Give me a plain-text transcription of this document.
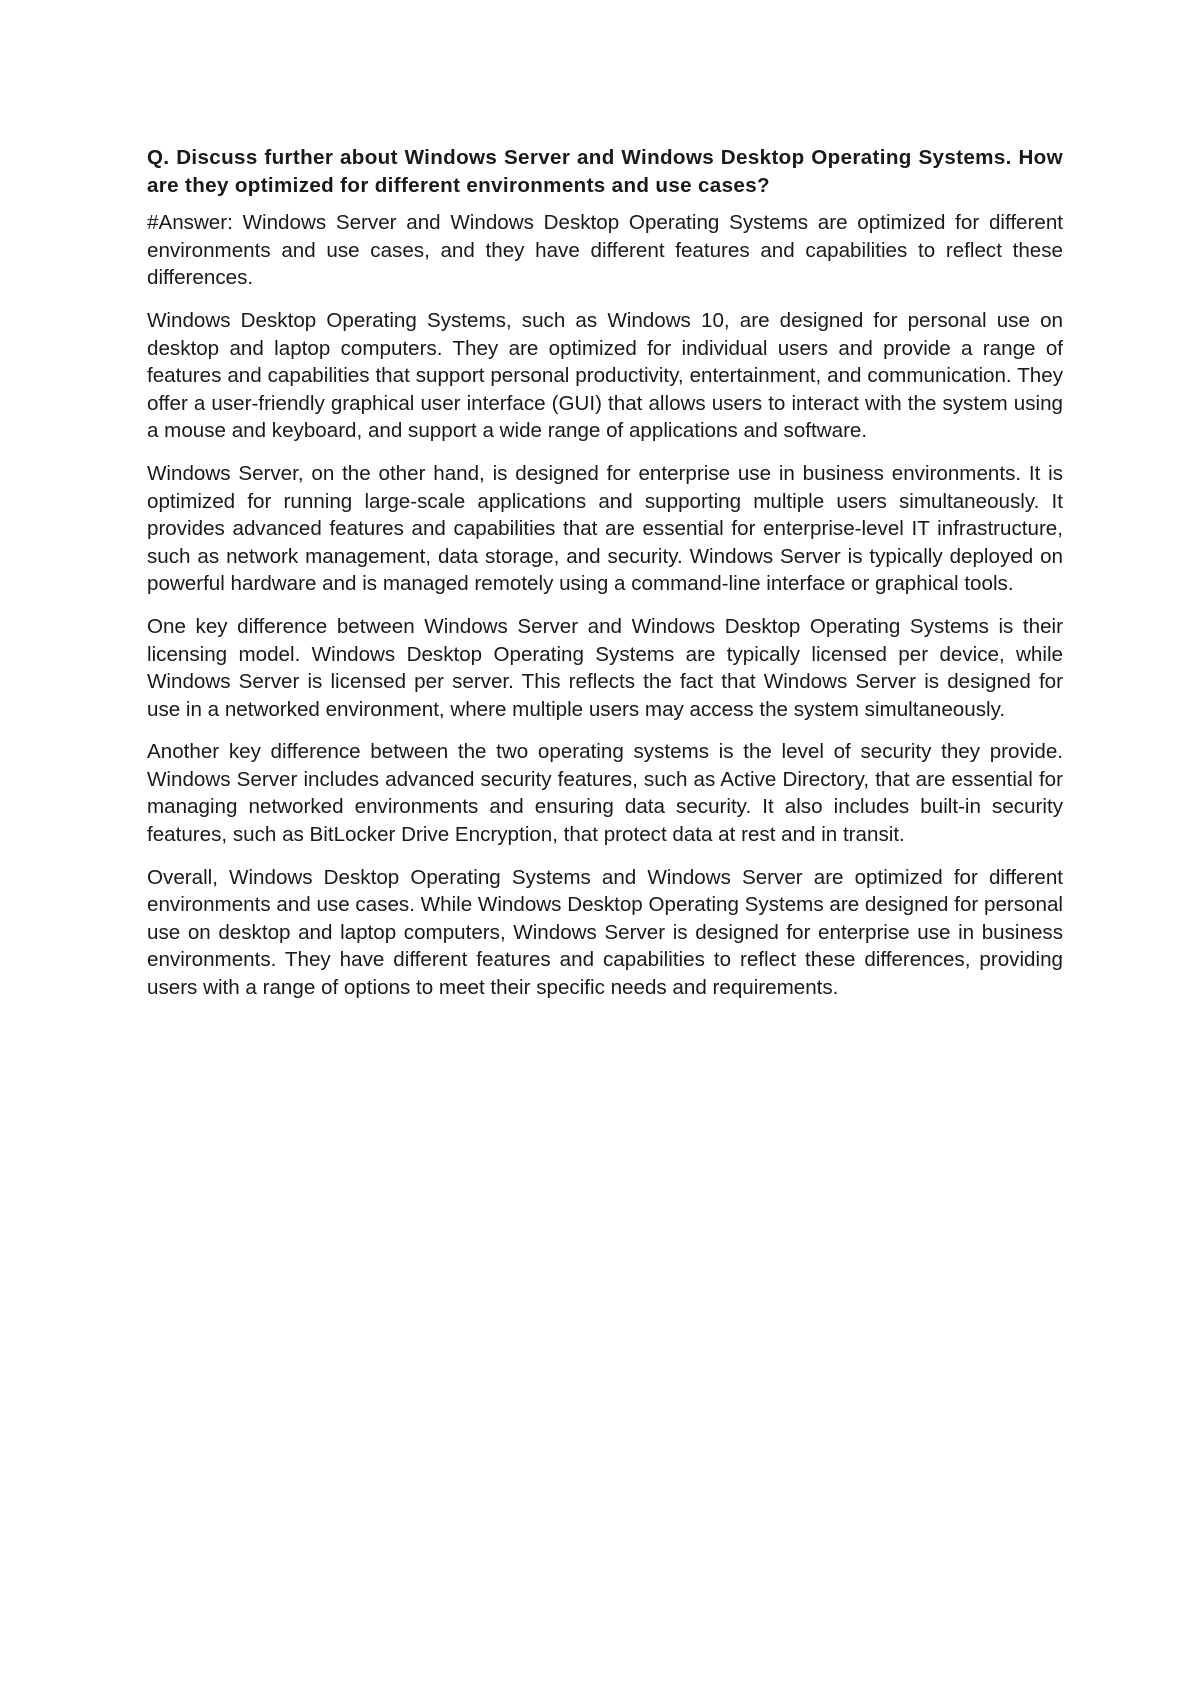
Q. Discuss further about Windows Server and Windows Desktop Operating Systems. How are they optimized for different environments and use cases?

#Answer: Windows Server and Windows Desktop Operating Systems are optimized for different environments and use cases, and they have different features and capabilities to reflect these differences.

Windows Desktop Operating Systems, such as Windows 10, are designed for personal use on desktop and laptop computers. They are optimized for individual users and provide a range of features and capabilities that support personal productivity, entertainment, and communication. They offer a user-friendly graphical user interface (GUI) that allows users to interact with the system using a mouse and keyboard, and support a wide range of applications and software.

Windows Server, on the other hand, is designed for enterprise use in business environments. It is optimized for running large-scale applications and supporting multiple users simultaneously. It provides advanced features and capabilities that are essential for enterprise-level IT infrastructure, such as network management, data storage, and security. Windows Server is typically deployed on powerful hardware and is managed remotely using a command-line interface or graphical tools.

One key difference between Windows Server and Windows Desktop Operating Systems is their licensing model. Windows Desktop Operating Systems are typically licensed per device, while Windows Server is licensed per server. This reflects the fact that Windows Server is designed for use in a networked environment, where multiple users may access the system simultaneously.

Another key difference between the two operating systems is the level of security they provide. Windows Server includes advanced security features, such as Active Directory, that are essential for managing networked environments and ensuring data security. It also includes built-in security features, such as BitLocker Drive Encryption, that protect data at rest and in transit.

Overall, Windows Desktop Operating Systems and Windows Server are optimized for different environments and use cases. While Windows Desktop Operating Systems are designed for personal use on desktop and laptop computers, Windows Server is designed for enterprise use in business environments. They have different features and capabilities to reflect these differences, providing users with a range of options to meet their specific needs and requirements.
